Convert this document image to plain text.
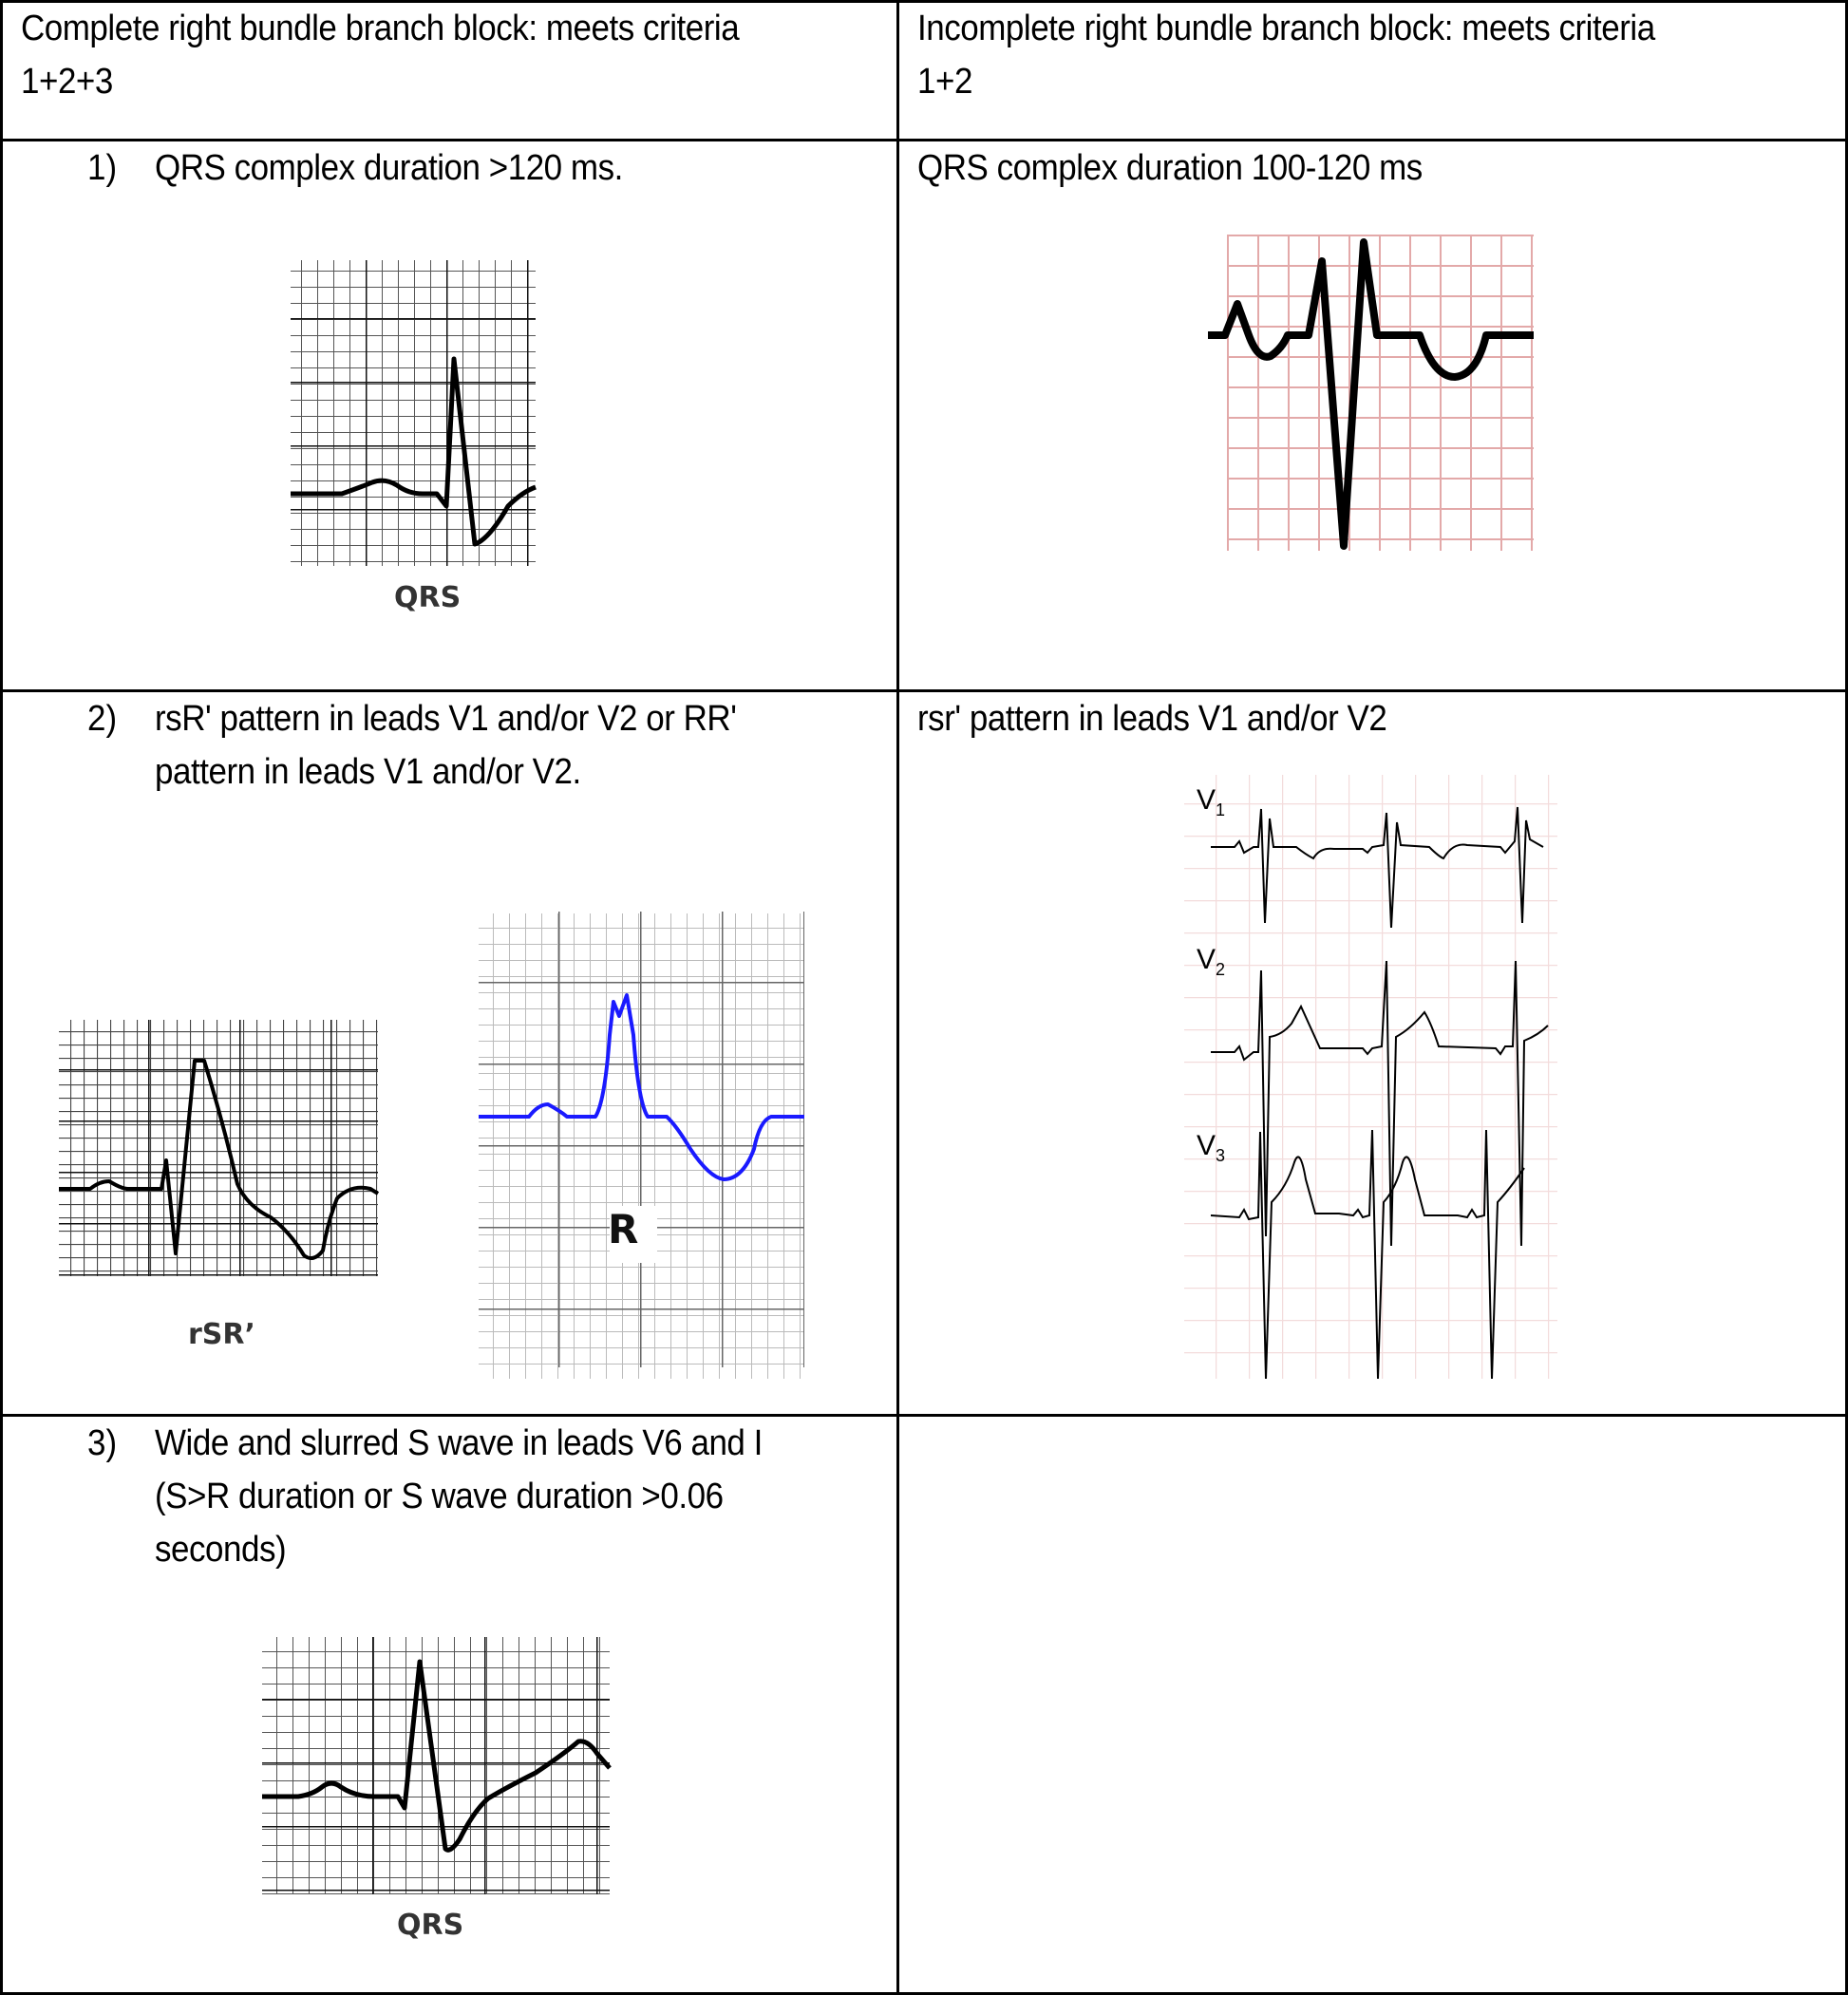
Complete right bundle branch block: meets criteria
1+2+3
Incomplete right bundle branch block: meets criteria
1+2
1) QRS complex duration >120 ms.
QRS
QRS complex duration 100-120 ms
2) rsR' pattern in leads V1 and/or V2 or RR'
pattern in leads V1 and/or V2.
rSR’
R
rsr' pattern in leads V1 and/or V2
$V_1$
$V_2$
$V_3$
3) Wide and slurred S wave in leads V6 and I
(S>R duration or S wave duration >0.06
seconds)
QRS
